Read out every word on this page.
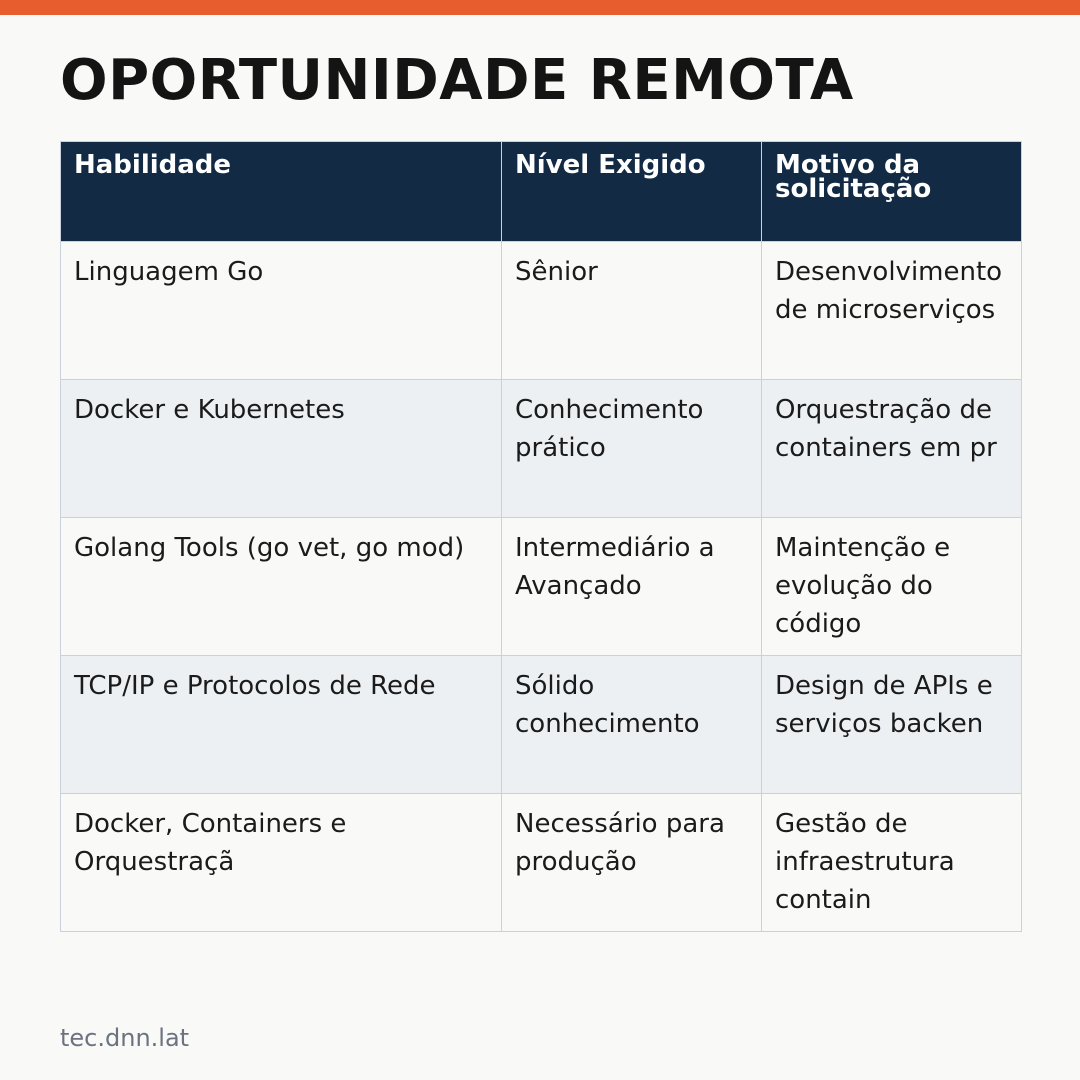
OPORTUNIDADE REMOTA
Habilidade	Nível Exigido	Motivo da solicitação

Linguagem Go	Sênior	Desenvolvimento de microserviços
Docker e Kubernetes	Conhecimento prático	Orquestração de containers em pr
Golang Tools (go vet, go mod)	Intermediário a Avançado	Maintenção e evolução do código
TCP/IP e Protocolos de Rede	Sólido conhecimento	Design de APIs e serviços backen
Docker, Containers e Orquestraçã	Necessário para produção	Gestão de infraestrutura contain
tec.dnn.lat
